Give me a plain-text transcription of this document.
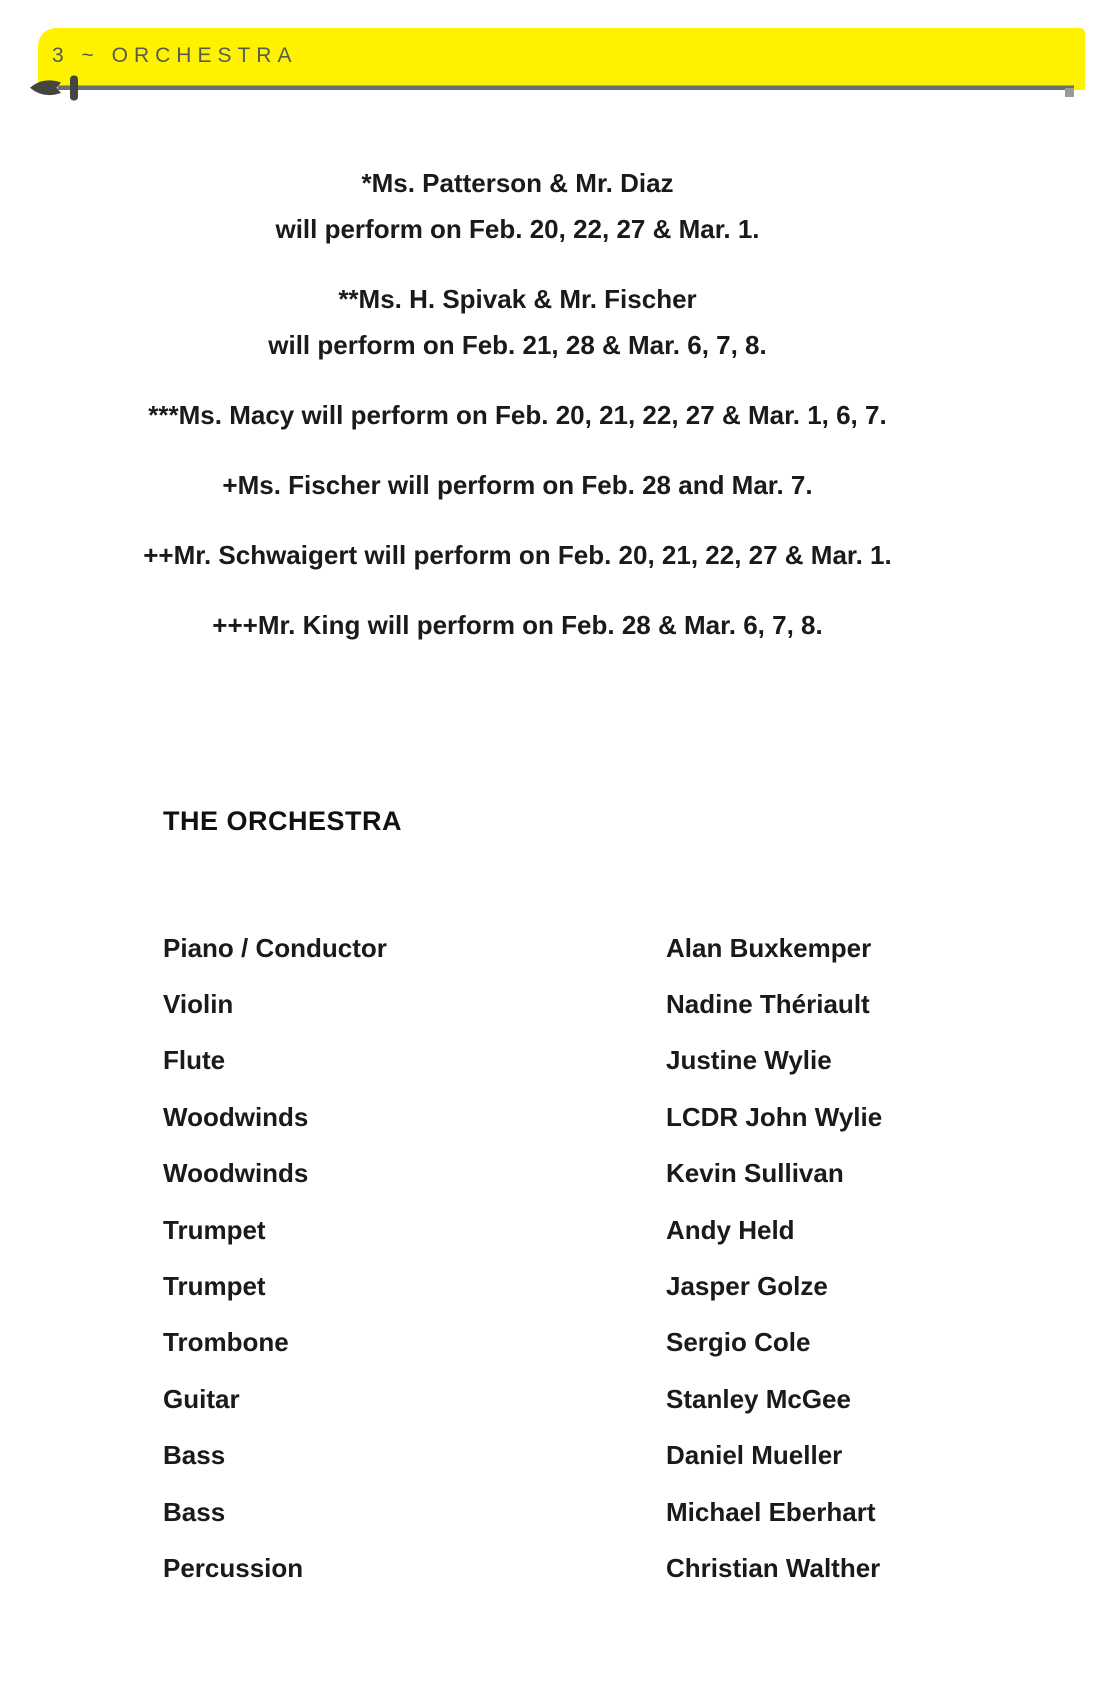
3 ~ ORCHESTRA

*Ms. Patterson & Mr. Diaz
will perform on Feb. 20, 22, 27 & Mar. 1.

**Ms. H. Spivak & Mr. Fischer
will perform on Feb. 21, 28 & Mar. 6, 7, 8.

***Ms. Macy will perform on Feb. 20, 21, 22, 27 & Mar. 1, 6, 7.

+Ms. Fischer will perform on Feb. 28 and Mar. 7.

++Mr. Schwaigert will perform on Feb. 20, 21, 22, 27 & Mar. 1.

+++Mr. King will perform on Feb. 28 & Mar. 6, 7, 8.

THE ORCHESTRA
Piano / Conductor	Alan Buxkemper
Violin	Nadine Thériault
Flute	Justine Wylie
Woodwinds	LCDR John Wylie
Woodwinds	Kevin Sullivan
Trumpet	Andy Held
Trumpet	Jasper Golze
Trombone	Sergio Cole
Guitar	Stanley McGee
Bass	Daniel Mueller
Bass	Michael Eberhart
Percussion	Christian Walther
